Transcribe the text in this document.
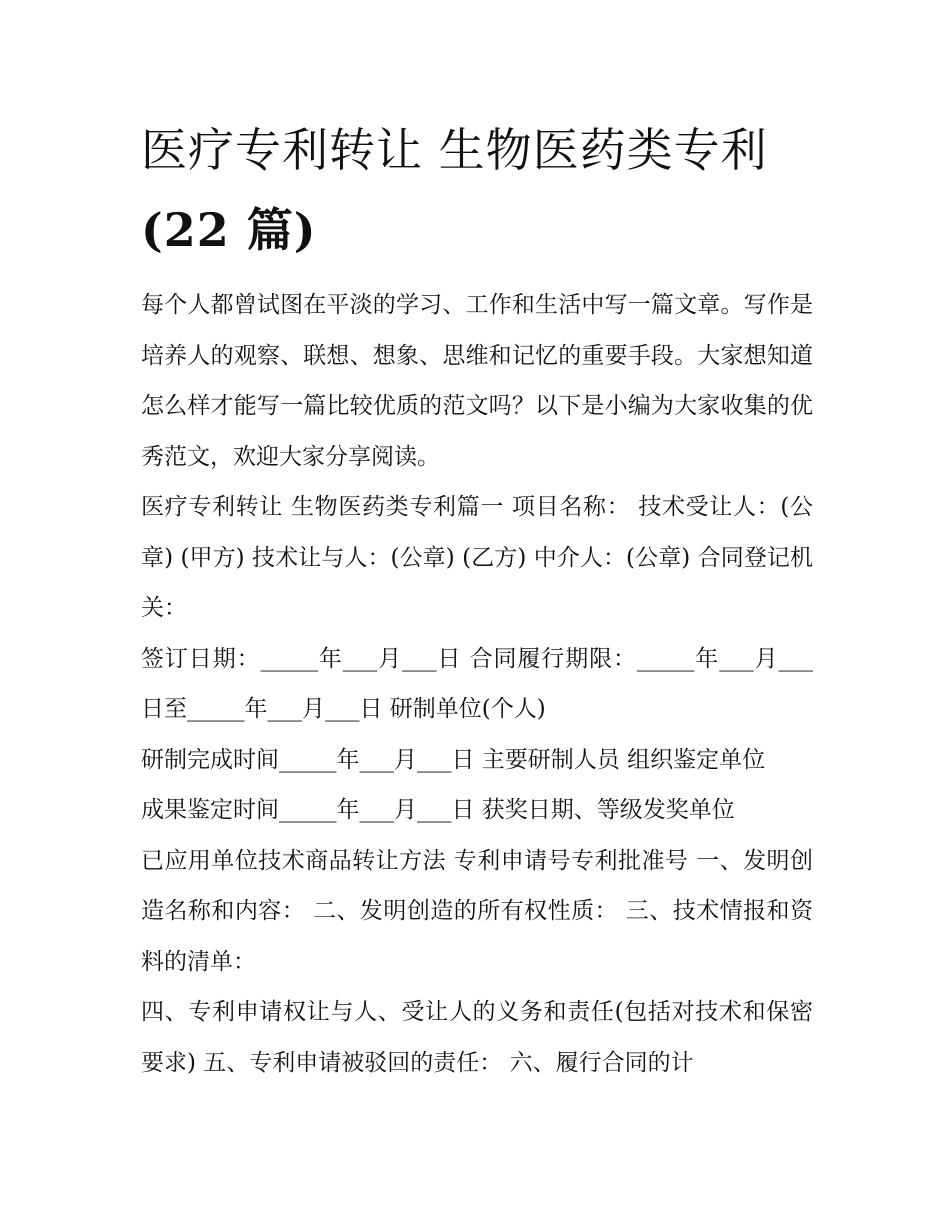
医疗专利转让 生物医药类专利
(22 篇)

每个人都曾试图在平淡的学习、工作和生活中写一篇文章。写作是培养人的观察、联想、想象、思维和记忆的重要手段。大家想知道怎么样才能写一篇比较优质的范文吗？以下是小编为大家收集的优秀范文，欢迎大家分享阅读。

医疗专利转让 生物医药类专利篇一 项目名称： 技术受让人：(公章) (甲方) 技术让与人：(公章) (乙方) 中介人：(公章) 合同登记机关：

签订日期：_____年___月___日 合同履行期限：_____年___月___日至_____年___月___日 研制单位(个人)

研制完成时间_____年___月___日 主要研制人员 组织鉴定单位

成果鉴定时间_____年___月___日 获奖日期、等级发奖单位

已应用单位技术商品转让方法 专利申请号专利批准号 一、发明创造名称和内容： 二、发明创造的所有权性质： 三、技术情报和资料的清单：

四、专利申请权让与人、受让人的义务和责任(包括对技术和保密要求) 五、专利申请被驳回的责任： 六、履行合同的计
